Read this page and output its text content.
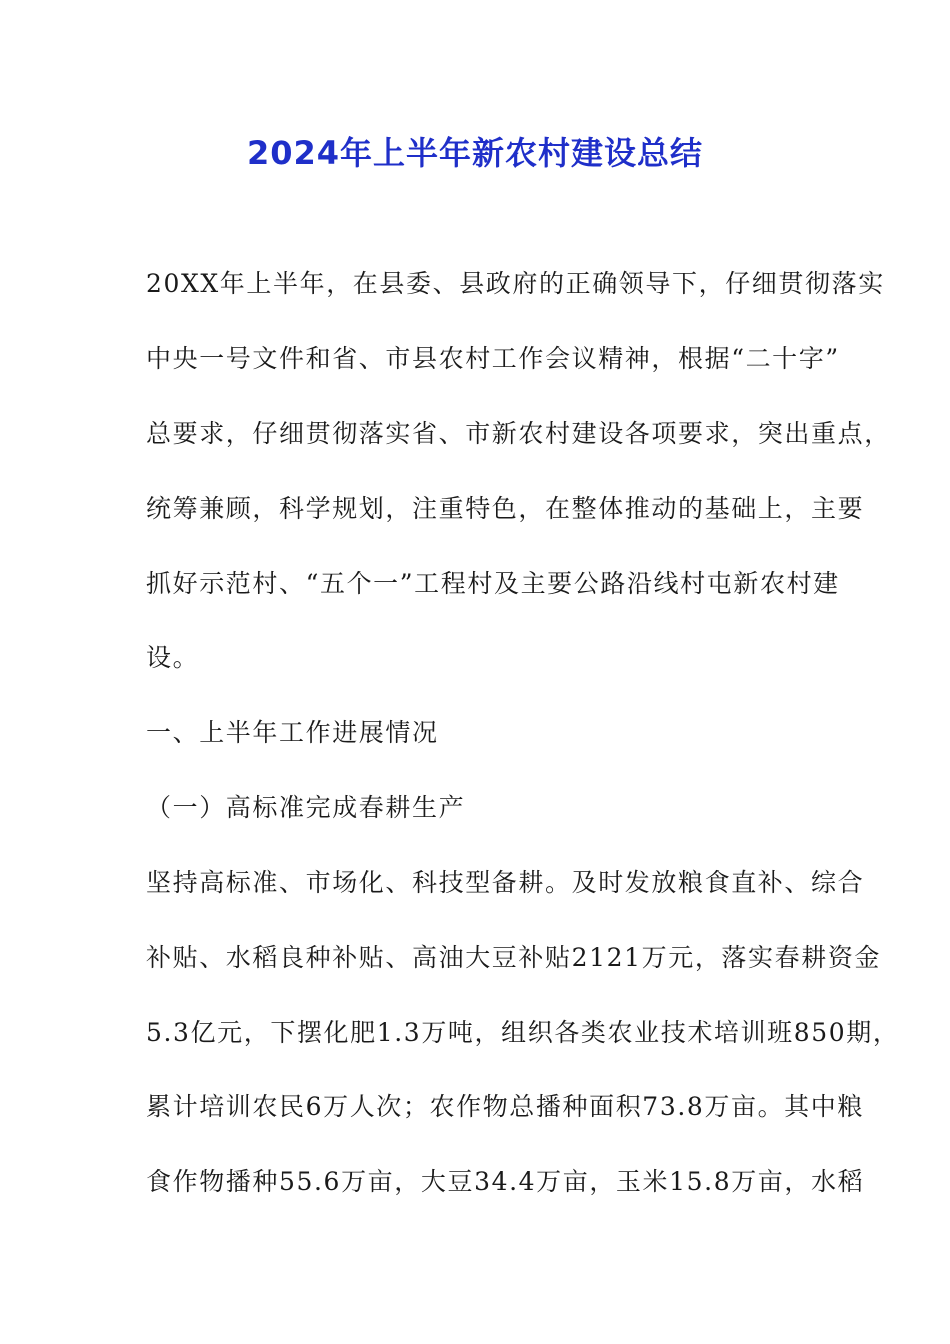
2024年上半年新农村建设总结

20XX年上半年，在县委、县政府的正确领导下，仔细贯彻落实

中央一号文件和省、市县农村工作会议精神，根据“二十字”

总要求，仔细贯彻落实省、市新农村建设各项要求，突出重点，

统筹兼顾，科学规划，注重特色，在整体推动的基础上，主要

抓好示范村、“五个一”工程村及主要公路沿线村屯新农村建

设。

一、上半年工作进展情况

（一）高标准完成春耕生产

坚持高标准、市场化、科技型备耕。及时发放粮食直补、综合

补贴、水稻良种补贴、高油大豆补贴2121万元，落实春耕资金

5.3亿元，下摆化肥1.3万吨，组织各类农业技术培训班850期，

累计培训农民6万人次；农作物总播种面积73.8万亩。其中粮

食作物播种55.6万亩，大豆34.4万亩，玉米15.8万亩，水稻
